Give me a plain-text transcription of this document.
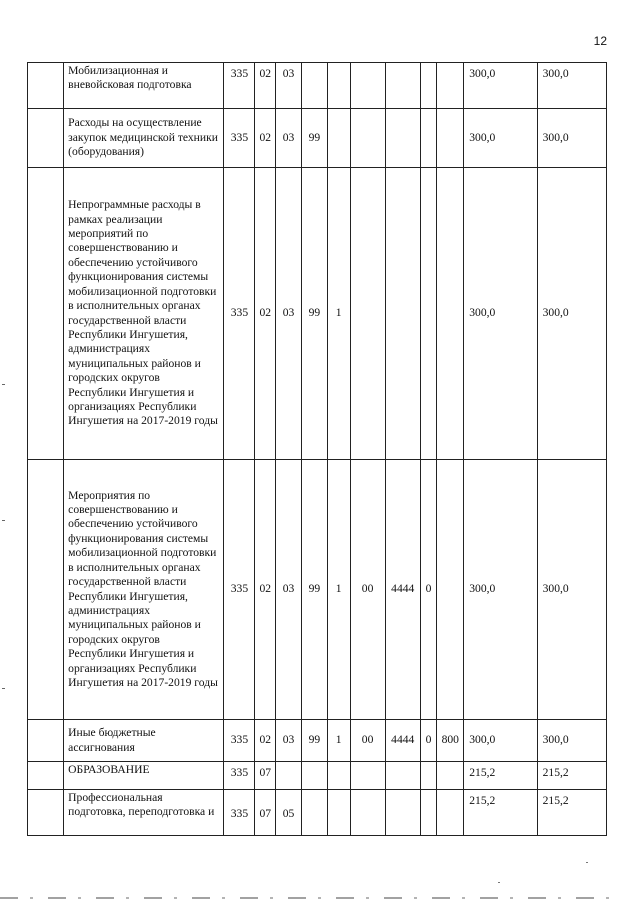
12
	Мобилизационная и вневойсковая подготовка	335	02	03							300,0	300,0
	Расходы на осуществление закупок медицинской техники (оборудования)	335	02	03	99						300,0	300,0
	Непрограммные расходы в рамках реализации мероприятий по совершенствованию и обеспечению устойчивого функционирования системы мобилизационной подготовки в исполнительных органах государственной власти Республики Ингушетия, администрациях муниципальных районов и городских округов Республики Ингушетия и организациях Республики Ингушетия на 2017-2019 годы	335	02	03	99	1					300,0	300,0
	Мероприятия по совершенствованию и обеспечению устойчивого функционирования системы мобилизационной подготовки в исполнительных органах государственной власти Республики Ингушетия, администрациях муниципальных районов и городских округов Республики Ингушетия и организациях Республики Ингушетия на 2017-2019 годы	335	02	03	99	1	00	4444	0		300,0	300,0
	Иные бюджетные ассигнования	335	02	03	99	1	00	4444	0	800	300,0	300,0
	ОБРАЗОВАНИЕ	335	07								215,2	215,2
	Профессиональная подготовка, переподготовка и	335	07	05							215,2	215,2
